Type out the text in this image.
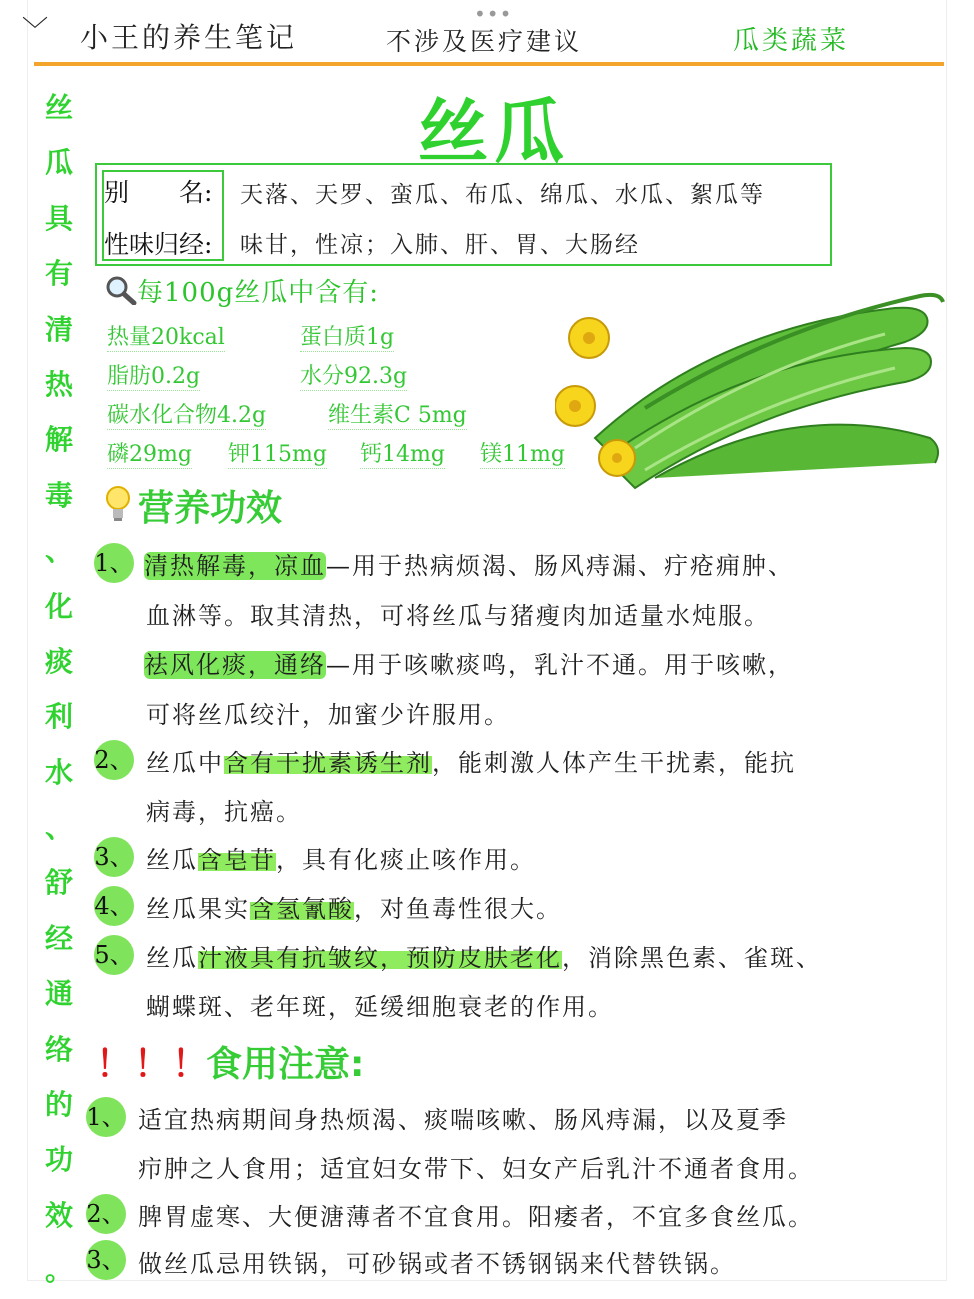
﹀
•••
小王的养生笔记	不涉及医疗建议	瓜类蔬菜
丝
瓜
具
有
清
热
解
毒
、
化
痰
利
水
、
舒
经
通
络
的
功
效
。
丝瓜
别　　名: 天落、天罗、蛮瓜、布瓜、绵瓜、水瓜、絮瓜等
性味归经: 味甘，性凉；入肺、肝、胃、大肠经
每100g丝瓜中含有:
热量20kcal	蛋白质1g
脂肪0.2g	水分92.3g
碳水化合物4.2g	维生素C 5mg
磷29mg 钾115mg 钙14mg 镁11mg
营养功效
1、 清热解毒，凉血—用于热病烦渴、肠风痔漏、疔疮痈肿、
血淋等。取其清热，可将丝瓜与猪瘦肉加适量水炖服。
祛风化痰，通络—用于咳嗽痰鸣，乳汁不通。用于咳嗽，
可将丝瓜绞汁，加蜜少许服用。
2、 丝瓜中含有干扰素诱生剂，能刺激人体产生干扰素，能抗
病毒，抗癌。
3、 丝瓜含皂苷，具有化痰止咳作用。
4、 丝瓜果实含氢氰酸，对鱼毒性很大。
5、 丝瓜汁液具有抗皱纹，预防皮肤老化，消除黑色素、雀斑、
蝴蝶斑、老年斑，延缓细胞衰老的作用。
！ ！ ！
食用注意:
1、 适宜热病期间身热烦渴、痰喘咳嗽、肠风痔漏，以及夏季
疖肿之人食用；适宜妇女带下、妇女产后乳汁不通者食用。
2、 脾胃虚寒、大便溏薄者不宜食用。阳痿者，不宜多食丝瓜。
3、 做丝瓜忌用铁锅，可砂锅或者不锈钢锅来代替铁锅。
